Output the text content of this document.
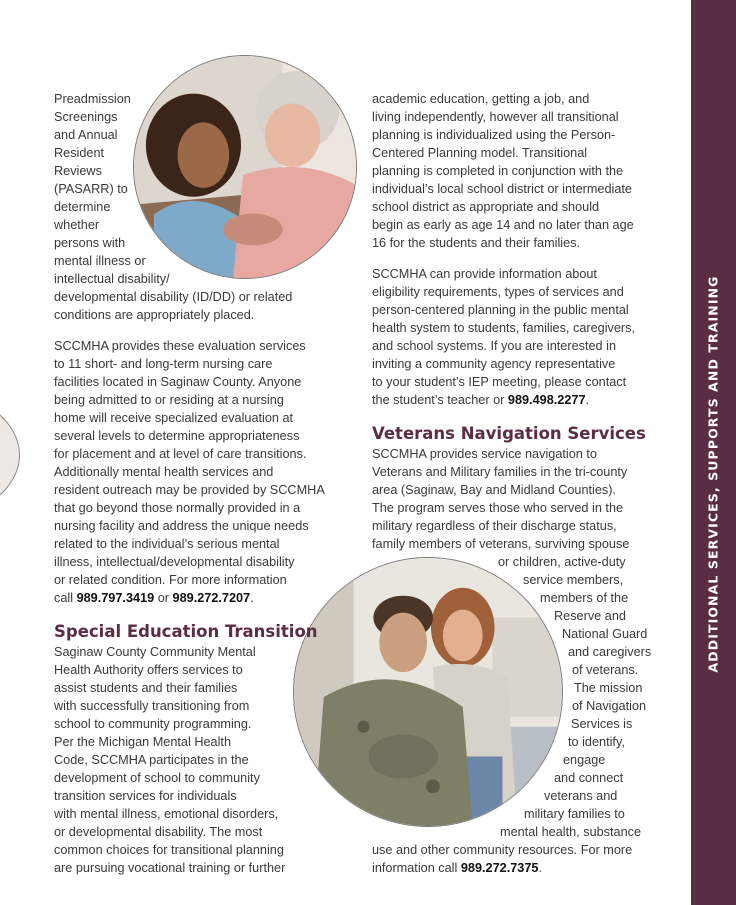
ADDITIONAL SERVICES, SUPPORTS AND TRAINING

Preadmission
Screenings
and Annual
Resident
Reviews
(PASARR) to
determine
whether
persons with
mental illness or
intellectual disability/
developmental disability (ID/DD) or related
conditions are appropriately placed.

SCCMHA provides these evaluation services
to 11 short- and long-term nursing care
facilities located in Saginaw County. Anyone
being admitted to or residing at a nursing
home will receive specialized evaluation at
several levels to determine appropriateness
for placement and at level of care transitions.
Additionally mental health services and
resident outreach may be provided by SCCMHA
that go beyond those normally provided in a
nursing facility and address the unique needs
related to the individual’s serious mental
illness, intellectual/developmental disability
or related condition. For more information
call 989.797.3419 or 989.272.7207.

Special Education Transition

Saginaw County Community Mental
Health Authority offers services to
assist students and their families
with successfully transitioning from
school to community programming.
Per the Michigan Mental Health
Code, SCCMHA participates in the
development of school to community
transition services for individuals
with mental illness, emotional disorders,
or developmental disability. The most
common choices for transitional planning
are pursuing vocational training or further

academic education, getting a job, and
living independently, however all transitional
planning is individualized using the Person-
Centered Planning model. Transitional
planning is completed in conjunction with the
individual’s local school district or intermediate
school district as appropriate and should
begin as early as age 14 and no later than age
16 for the students and their families.

SCCMHA can provide information about
eligibility requirements, types of services and
person-centered planning in the public mental
health system to students, families, caregivers,
and school systems. If you are interested in
inviting a community agency representative
to your student’s IEP meeting, please contact
the student’s teacher or 989.498.2277.

Veterans Navigation Services

SCCMHA provides service navigation to
Veterans and Military families in the tri-county
area (Saginaw, Bay and Midland Counties).
The program serves those who served in the
military regardless of their discharge status,
family members of veterans, surviving spouse
or children, active-duty
service members,
members of the
Reserve and
National Guard
and caregivers
of veterans.
The mission
of Navigation
Services is
to identify,
engage
and connect
veterans and
military families to
mental health, substance
use and other community resources. For more
information call 989.272.7375.
